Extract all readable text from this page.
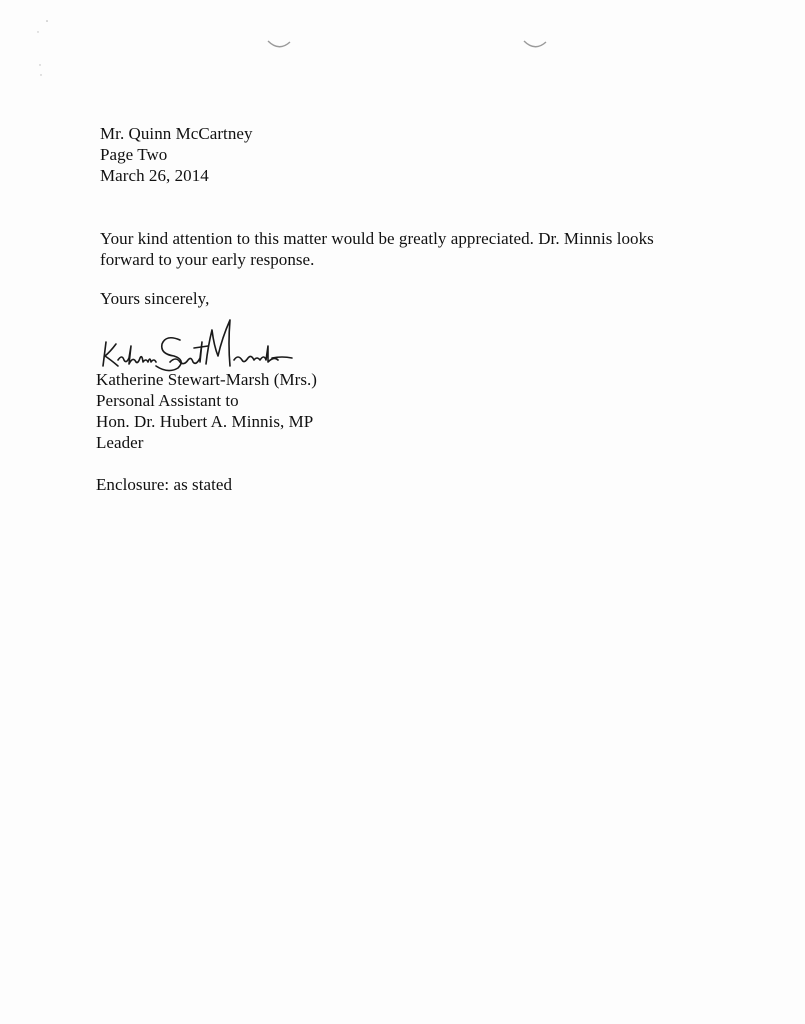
Mr. Quinn McCartney
Page Two
March 26, 2014
Your kind attention to this matter would be greatly appreciated. Dr. Minnis looks
forward to your early response.
Yours sincerely,
Katherine Stewart-Marsh (Mrs.)
Personal Assistant to
Hon. Dr. Hubert A. Minnis, MP
Leader
Enclosure: as stated
